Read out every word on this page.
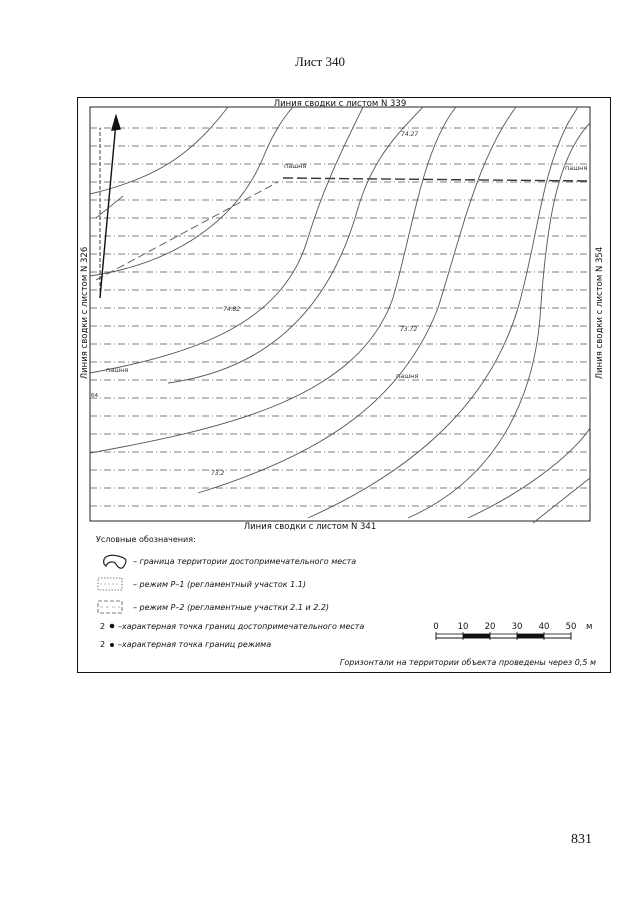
Лист 340
Линия сводки с листом N 339
Линия сводки с листом N 341
Линия сводки с листом N 326	Линия сводки с листом N 354
пашня	пашня
пашня
пашня
74.27
74.82
73.72
73.2
64
Условные обозначения:
– граница территории достопримечательного места
– режим Р–1 (регламентный участок 1.1)
– режим Р–2 (регламентные участки 2.1 и 2.2)
2 –характерная точка границ достопримечательного места
2 –характерная точка границ режима
0 10 20 30 40 50 м
Горизонтали на территории объекта проведены через 0,5 м
831
